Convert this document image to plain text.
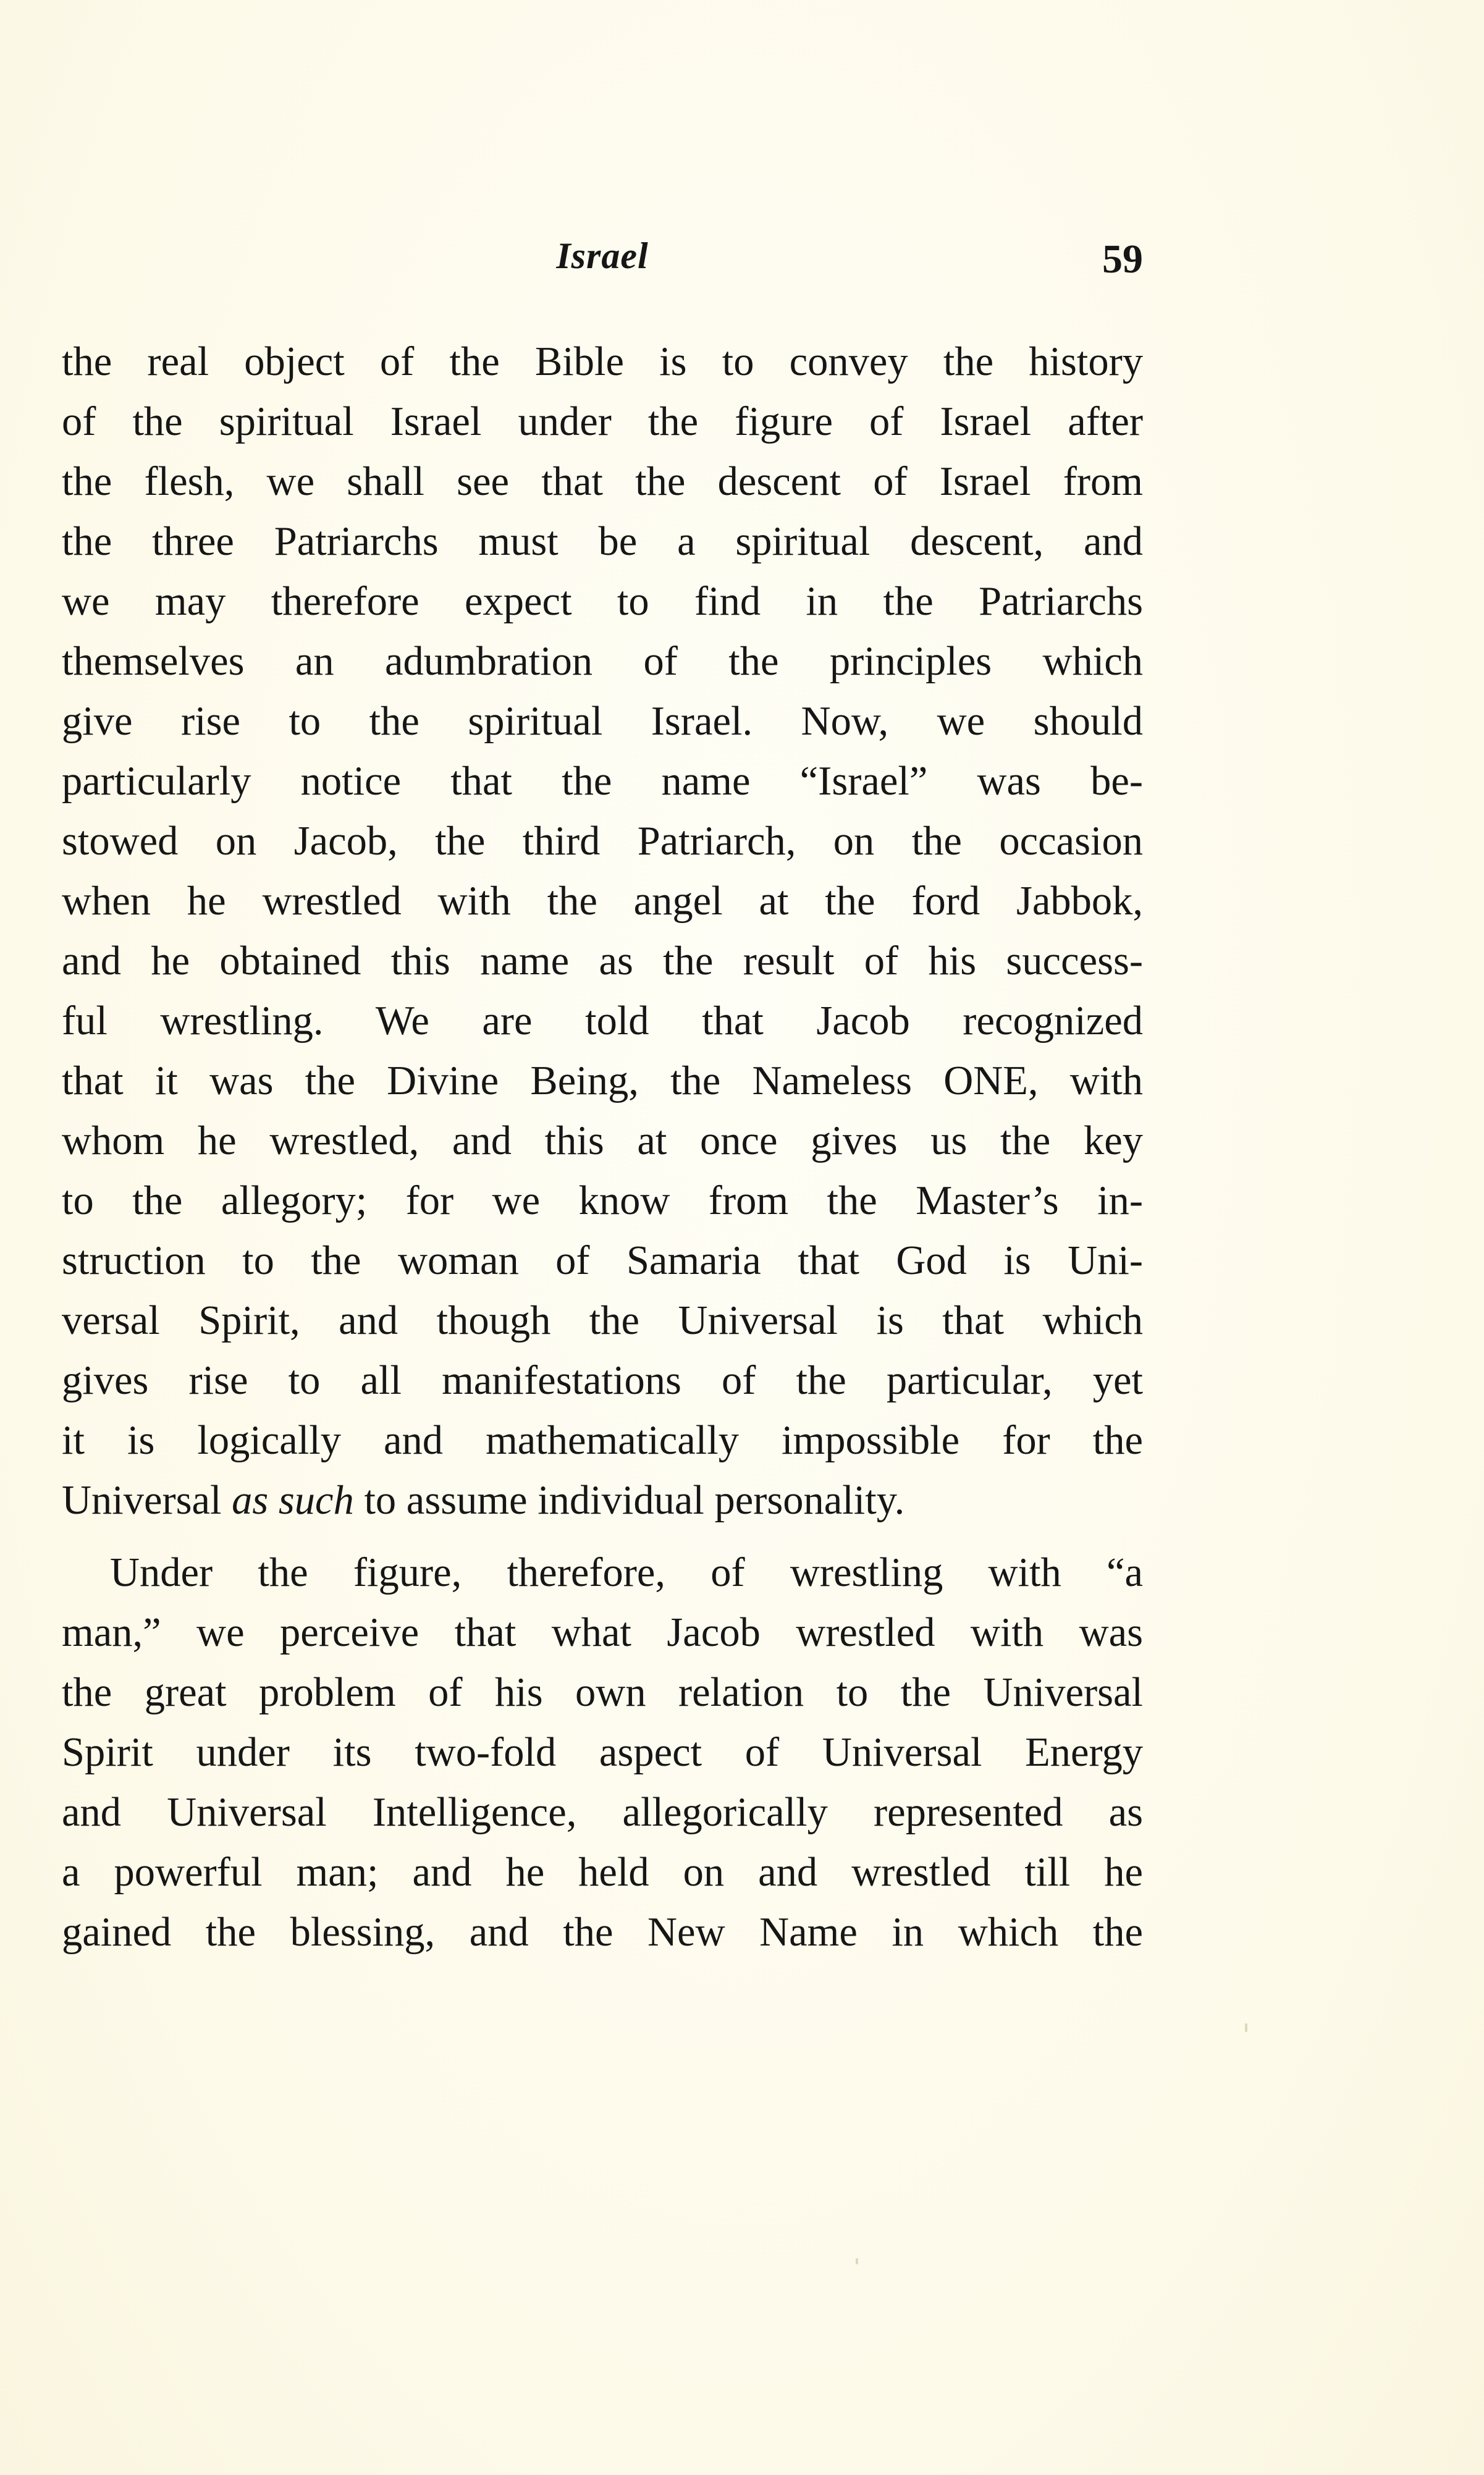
Israel	59
the real object of the Bible is to convey the history
of the spiritual Israel under the figure of Israel after
the flesh, we shall see that the descent of Israel from
the three Patriarchs must be a spiritual descent, and
we may therefore expect to find in the Patriarchs
themselves an adumbration of the principles which
give rise to the spiritual Israel. Now, we should
particularly notice that the name “Israel” was be-
stowed on Jacob, the third Patriarch, on the occasion
when he wrestled with the angel at the ford Jabbok,
and he obtained this name as the result of his success-
ful wrestling. We are told that Jacob recognized
that it was the Divine Being, the Nameless ONE, with
whom he wrestled, and this at once gives us the key
to the allegory; for we know from the Master’s in-
struction to the woman of Samaria that God is Uni-
versal Spirit, and though the Universal is that which
gives rise to all manifestations of the particular, yet
it is logically and mathematically impossible for the
Universal as such to assume individual personality.
Under the figure, therefore, of wrestling with “a
man,” we perceive that what Jacob wrestled with was
the great problem of his own relation to the Universal
Spirit under its two-fold aspect of Universal Energy
and Universal Intelligence, allegorically represented as
a powerful man; and he held on and wrestled till he
gained the blessing, and the New Name in which the
